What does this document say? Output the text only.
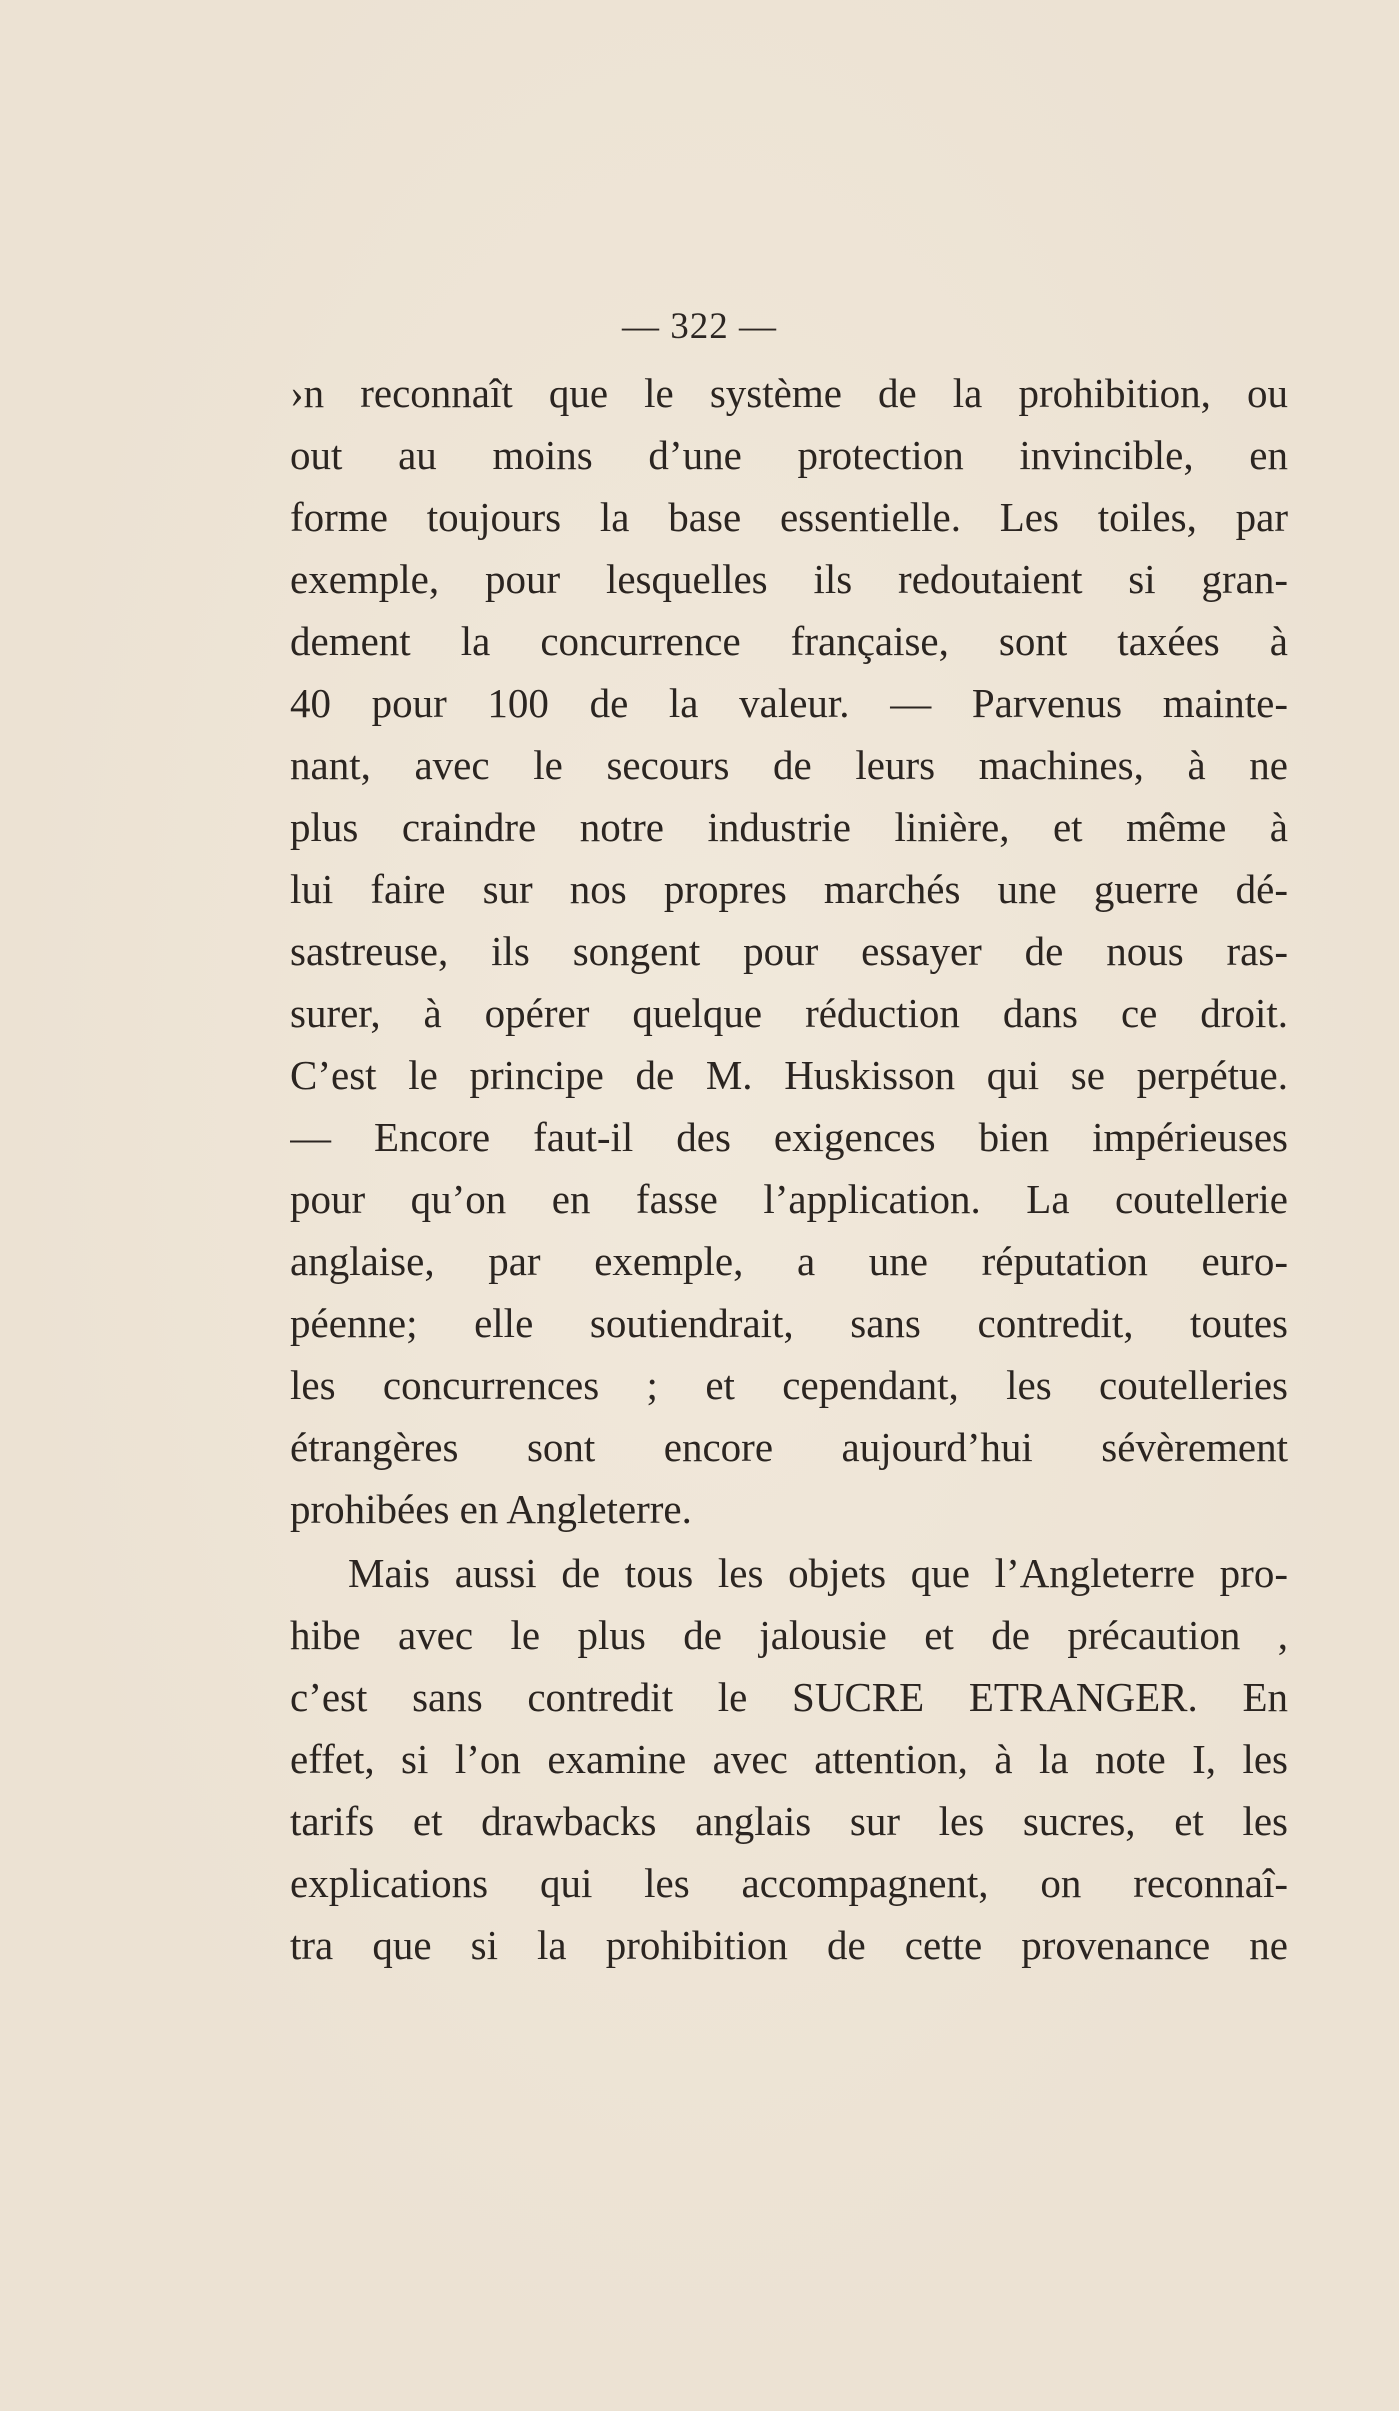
— 322 —
›n reconnaît que le système de la prohibition, ou
out au moins d’une protection invincible, en
forme toujours la base essentielle. Les toiles, par
exemple, pour lesquelles ils redoutaient si gran-
dement la concurrence française, sont taxées à
40 pour 100 de la valeur. — Parvenus mainte-
nant, avec le secours de leurs machines, à ne
plus craindre notre industrie linière, et même à
lui faire sur nos propres marchés une guerre dé-
sastreuse, ils songent pour essayer de nous ras-
surer, à opérer quelque réduction dans ce droit.
C’est le principe de M. Huskisson qui se perpétue.
— Encore faut-il des exigences bien impérieuses
pour qu’on en fasse l’application. La coutellerie
anglaise, par exemple, a une réputation euro-
péenne; elle soutiendrait, sans contredit, toutes
les concurrences ; et cependant, les coutelleries
étrangères sont encore aujourd’hui sévèrement
prohibées en Angleterre.
Mais aussi de tous les objets que l’Angleterre pro-
hibe avec le plus de jalousie et de précaution ,
c’est sans contredit le SUCRE ETRANGER. En
effet, si l’on examine avec attention, à la note I, les
tarifs et drawbacks anglais sur les sucres, et les
explications qui les accompagnent, on reconnaî-
tra que si la prohibition de cette provenance ne
